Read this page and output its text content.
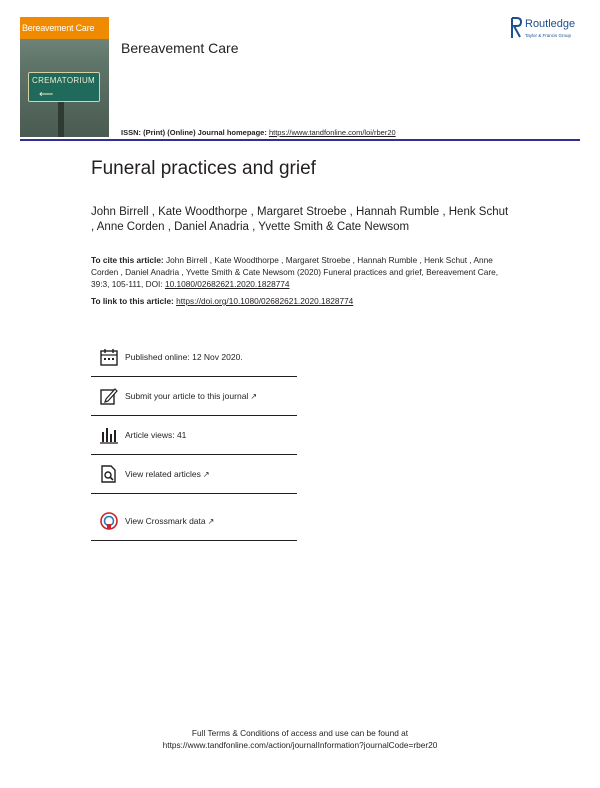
Bereavement Care
CREMATORIUM
⟵
Bereavement Care
ISSN: (Print) (Online) Journal homepage: https://www.tandfonline.com/loi/rber20
Routledge
Taylor & Francis Group
Funeral practices and grief
John Birrell , Kate Woodthorpe , Margaret Stroebe , Hannah Rumble , Henk Schut , Anne Corden , Daniel Anadria , Yvette Smith & Cate Newsom
To cite this article: John Birrell , Kate Woodthorpe , Margaret Stroebe , Hannah Rumble , Henk Schut , Anne Corden , Daniel Anadria , Yvette Smith & Cate Newsom (2020) Funeral practices and grief, Bereavement Care, 39:3, 105-111, DOI: 10.1080/02682621.2020.1828774
To link to this article: https://doi.org/10.1080/02682621.2020.1828774
Published online: 12 Nov 2020.
Submit your article to this journal ↗
Article views: 41
View related articles ↗
View Crossmark data ↗
Full Terms & Conditions of access and use can be found at
https://www.tandfonline.com/action/journalInformation?journalCode=rber20
